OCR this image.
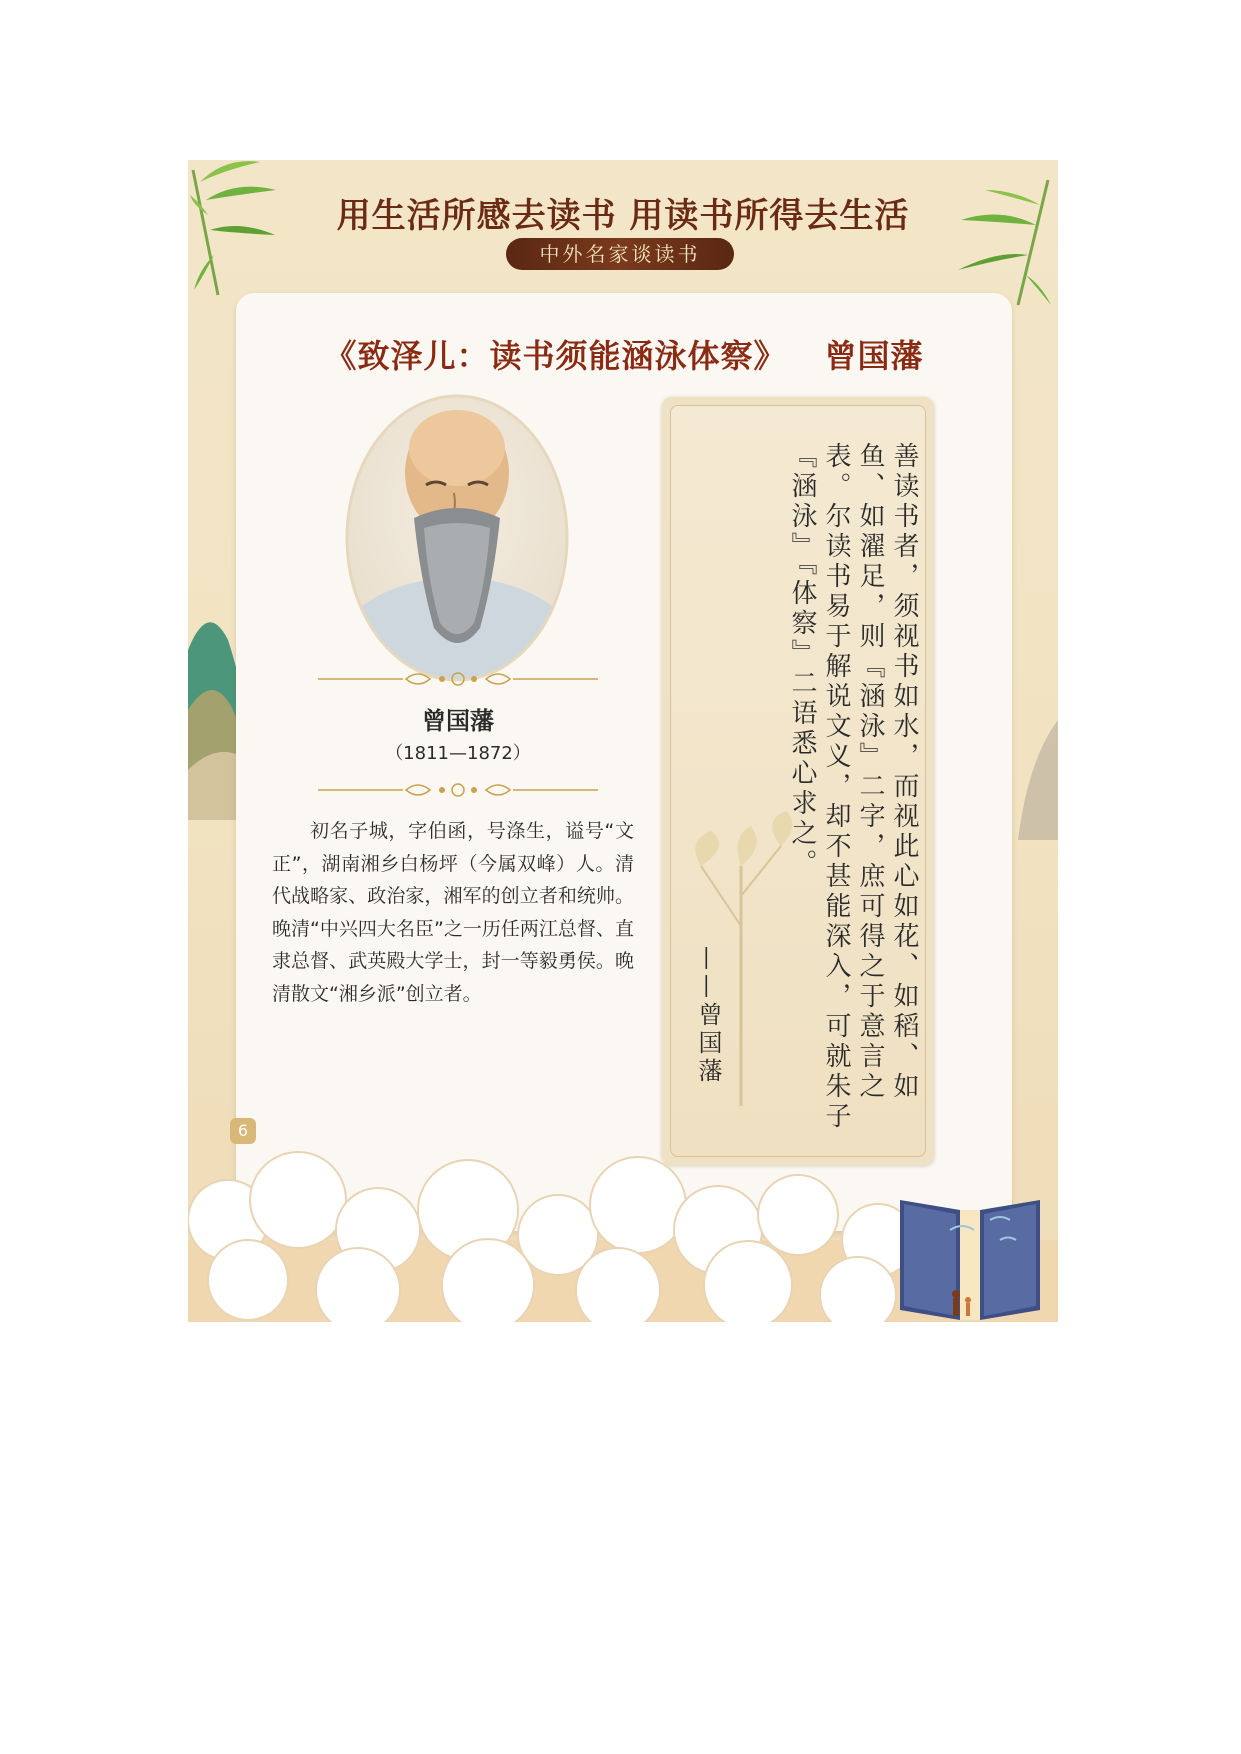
用生活所感去读书 用读书所得去生活
中外名家谈读书
《致泽儿：读书须能涵泳体察》 曾国藩
曾国藩
（1811—1872）
初名子城，字伯函，号涤生，谥号“文正”，湖南湘乡白杨坪（今属双峰）人。清代战略家、政治家，湘军的创立者和统帅。晚清“中兴四大名臣”之一历任两江总督、直隶总督、武英殿大学士，封一等毅勇侯。晚清散文“湘乡派”创立者。	善读书者，须视书如水，而视此心如花、如稻、如鱼、如濯足，则『涵泳』二字，庶可得之于意言之表。尔读书易于解说文义，却不甚能深入，可就朱子『涵泳』『体察』二语悉心求之。
——曾国藩
6
